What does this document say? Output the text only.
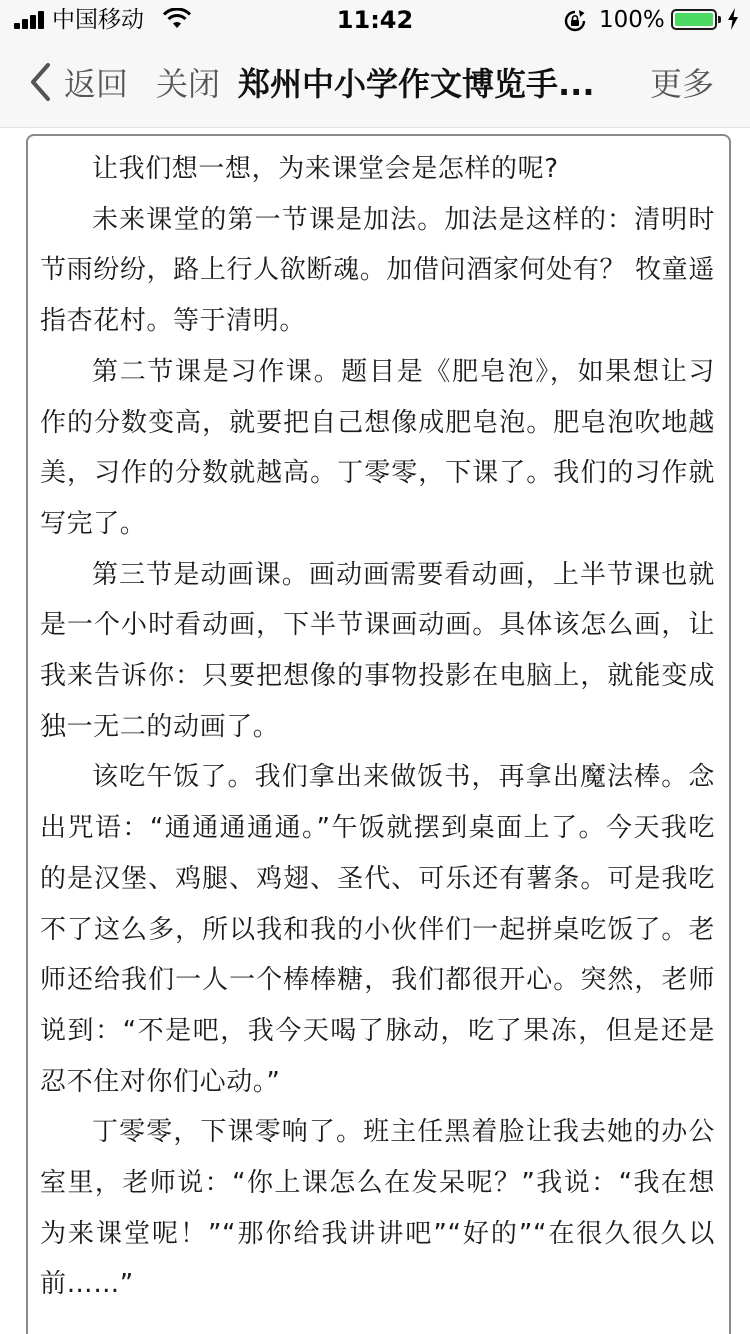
中国移动	11:42	100%
返回 关闭 郑州中小学作文博览手...	更多

让我们想一想，为来课堂会是怎样的呢?

未来课堂的第一节课是加法。加法是这样的：清明时节雨纷纷，路上行人欲断魂。加借问酒家何处有？ 牧童遥指杏花村。等于清明。

第二节课是习作课。题目是《肥皂泡》，如果想让习作的分数变高，就要把自己想像成肥皂泡。肥皂泡吹地越美，习作的分数就越高。丁零零，下课了。我们的习作就写完了。

第三节是动画课。画动画需要看动画，上半节课也就是一个小时看动画，下半节课画动画。具体该怎么画，让我来告诉你：只要把想像的事物投影在电脑上，就能变成独一无二的动画了。

该吃午饭了。我们拿出来做饭书，再拿出魔法棒。念出咒语：“通通通通通。”午饭就摆到桌面上了。今天我吃的是汉堡、鸡腿、鸡翅、圣代、可乐还有薯条。可是我吃不了这么多，所以我和我的小伙伴们一起拼桌吃饭了。老师还给我们一人一个棒棒糖，我们都很开心。突然，老师说到：“不是吧，我今天喝了脉动，吃了果冻，但是还是忍不住对你们心动。”

丁零零，下课零响了。班主任黑着脸让我去她的办公室里，老师说：“你上课怎么在发呆呢？”我说：“我在想为来课堂呢！”“那你给我讲讲吧”“好的”“在很久很久以前……”
